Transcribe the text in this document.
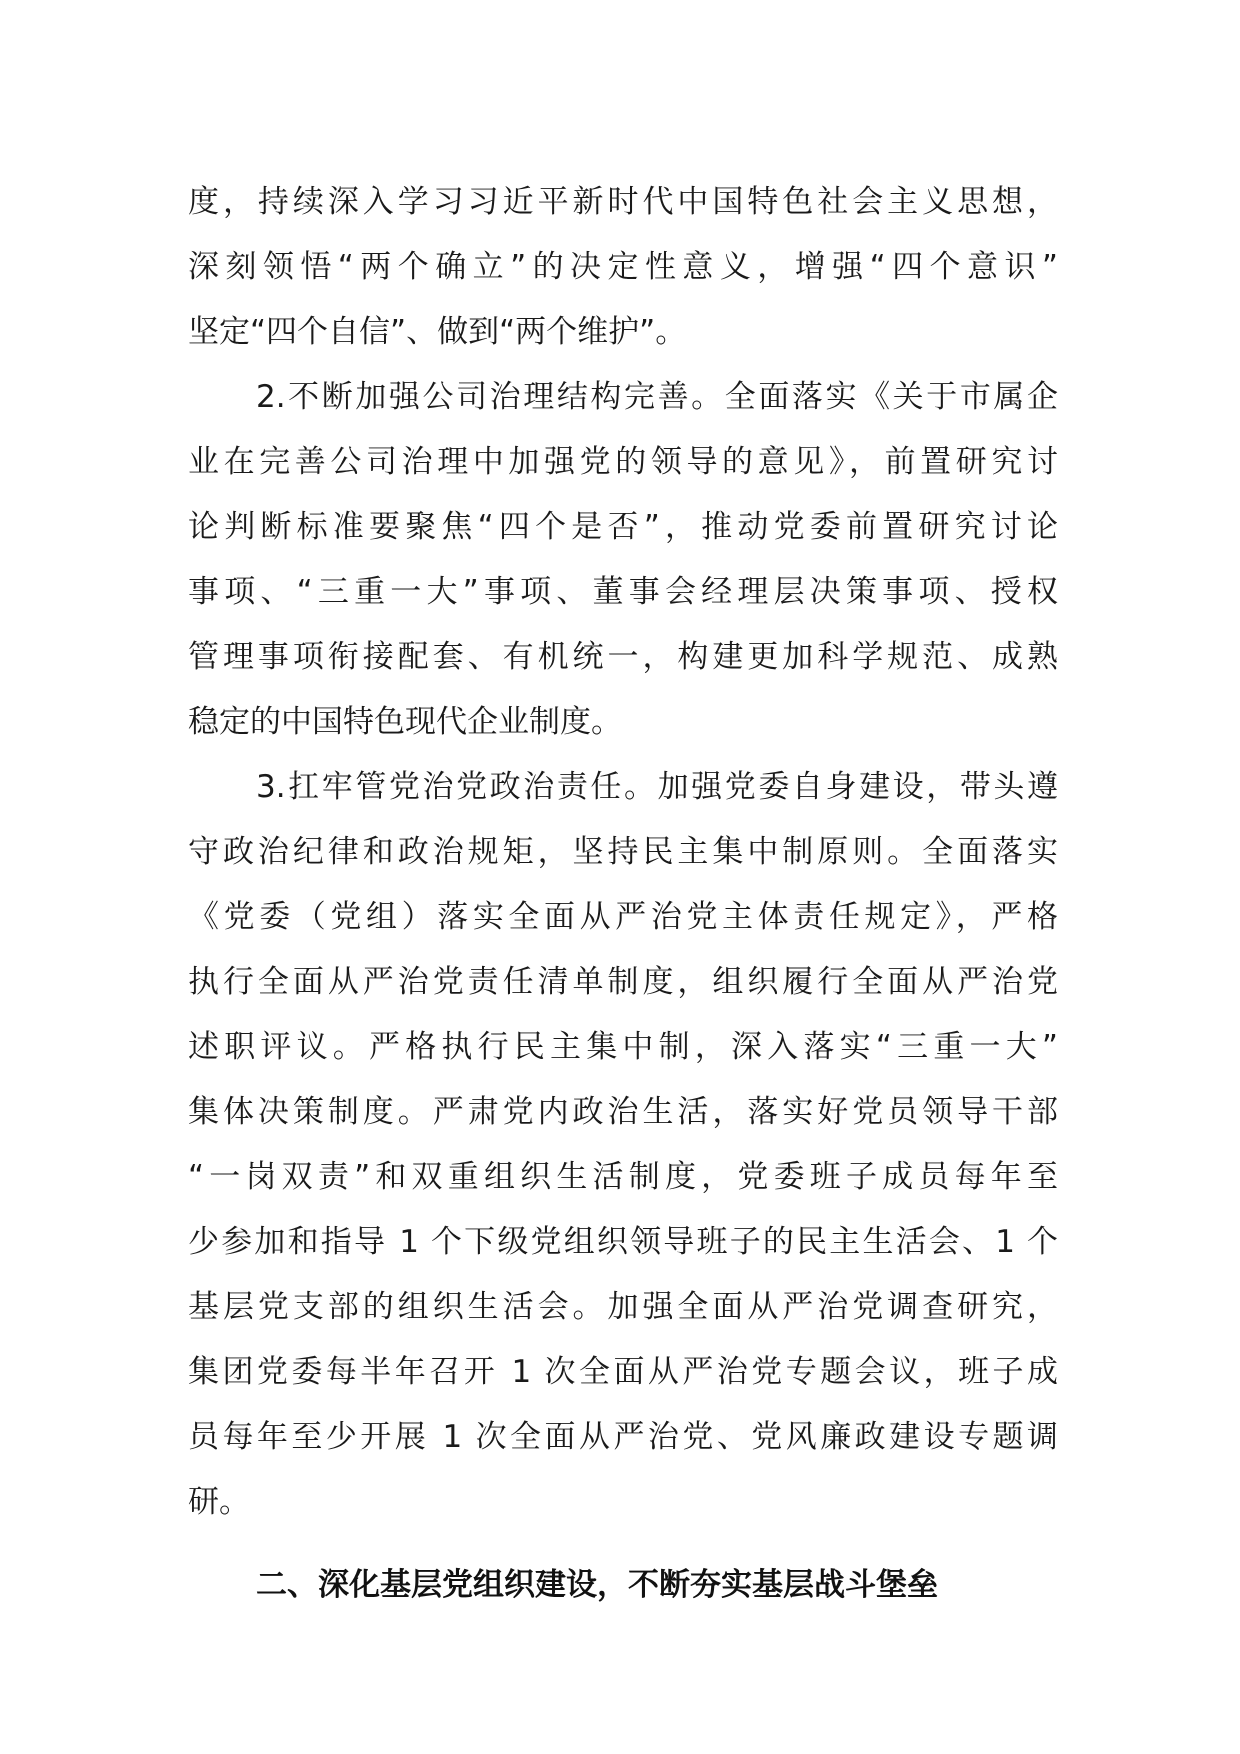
度，持续深入学习习近平新时代中国特色社会主义思想，
深刻领悟“两个确立”的决定性意义，增强“四个意识”
坚定“四个自信”、做到“两个维护”。
2.不断加强公司治理结构完善。全面落实《关于市属企
业在完善公司治理中加强党的领导的意见》，前置研究讨
论判断标准要聚焦“四个是否”，推动党委前置研究讨论
事项、“三重一大”事项、董事会经理层决策事项、授权
管理事项衔接配套、有机统一，构建更加科学规范、成熟
稳定的中国特色现代企业制度。
3.扛牢管党治党政治责任。加强党委自身建设，带头遵
守政治纪律和政治规矩，坚持民主集中制原则。全面落实
《党委（党组）落实全面从严治党主体责任规定》，严格
执行全面从严治党责任清单制度，组织履行全面从严治党
述职评议。严格执行民主集中制，深入落实“三重一大”
集体决策制度。严肃党内政治生活，落实好党员领导干部
“一岗双责”和双重组织生活制度，党委班子成员每年至
少参加和指导 1 个下级党组织领导班子的民主生活会、1 个
基层党支部的组织生活会。加强全面从严治党调查研究，
集团党委每半年召开 1 次全面从严治党专题会议，班子成
员每年至少开展 1 次全面从严治党、党风廉政建设专题调
研。
二、深化基层党组织建设，不断夯实基层战斗堡垒
